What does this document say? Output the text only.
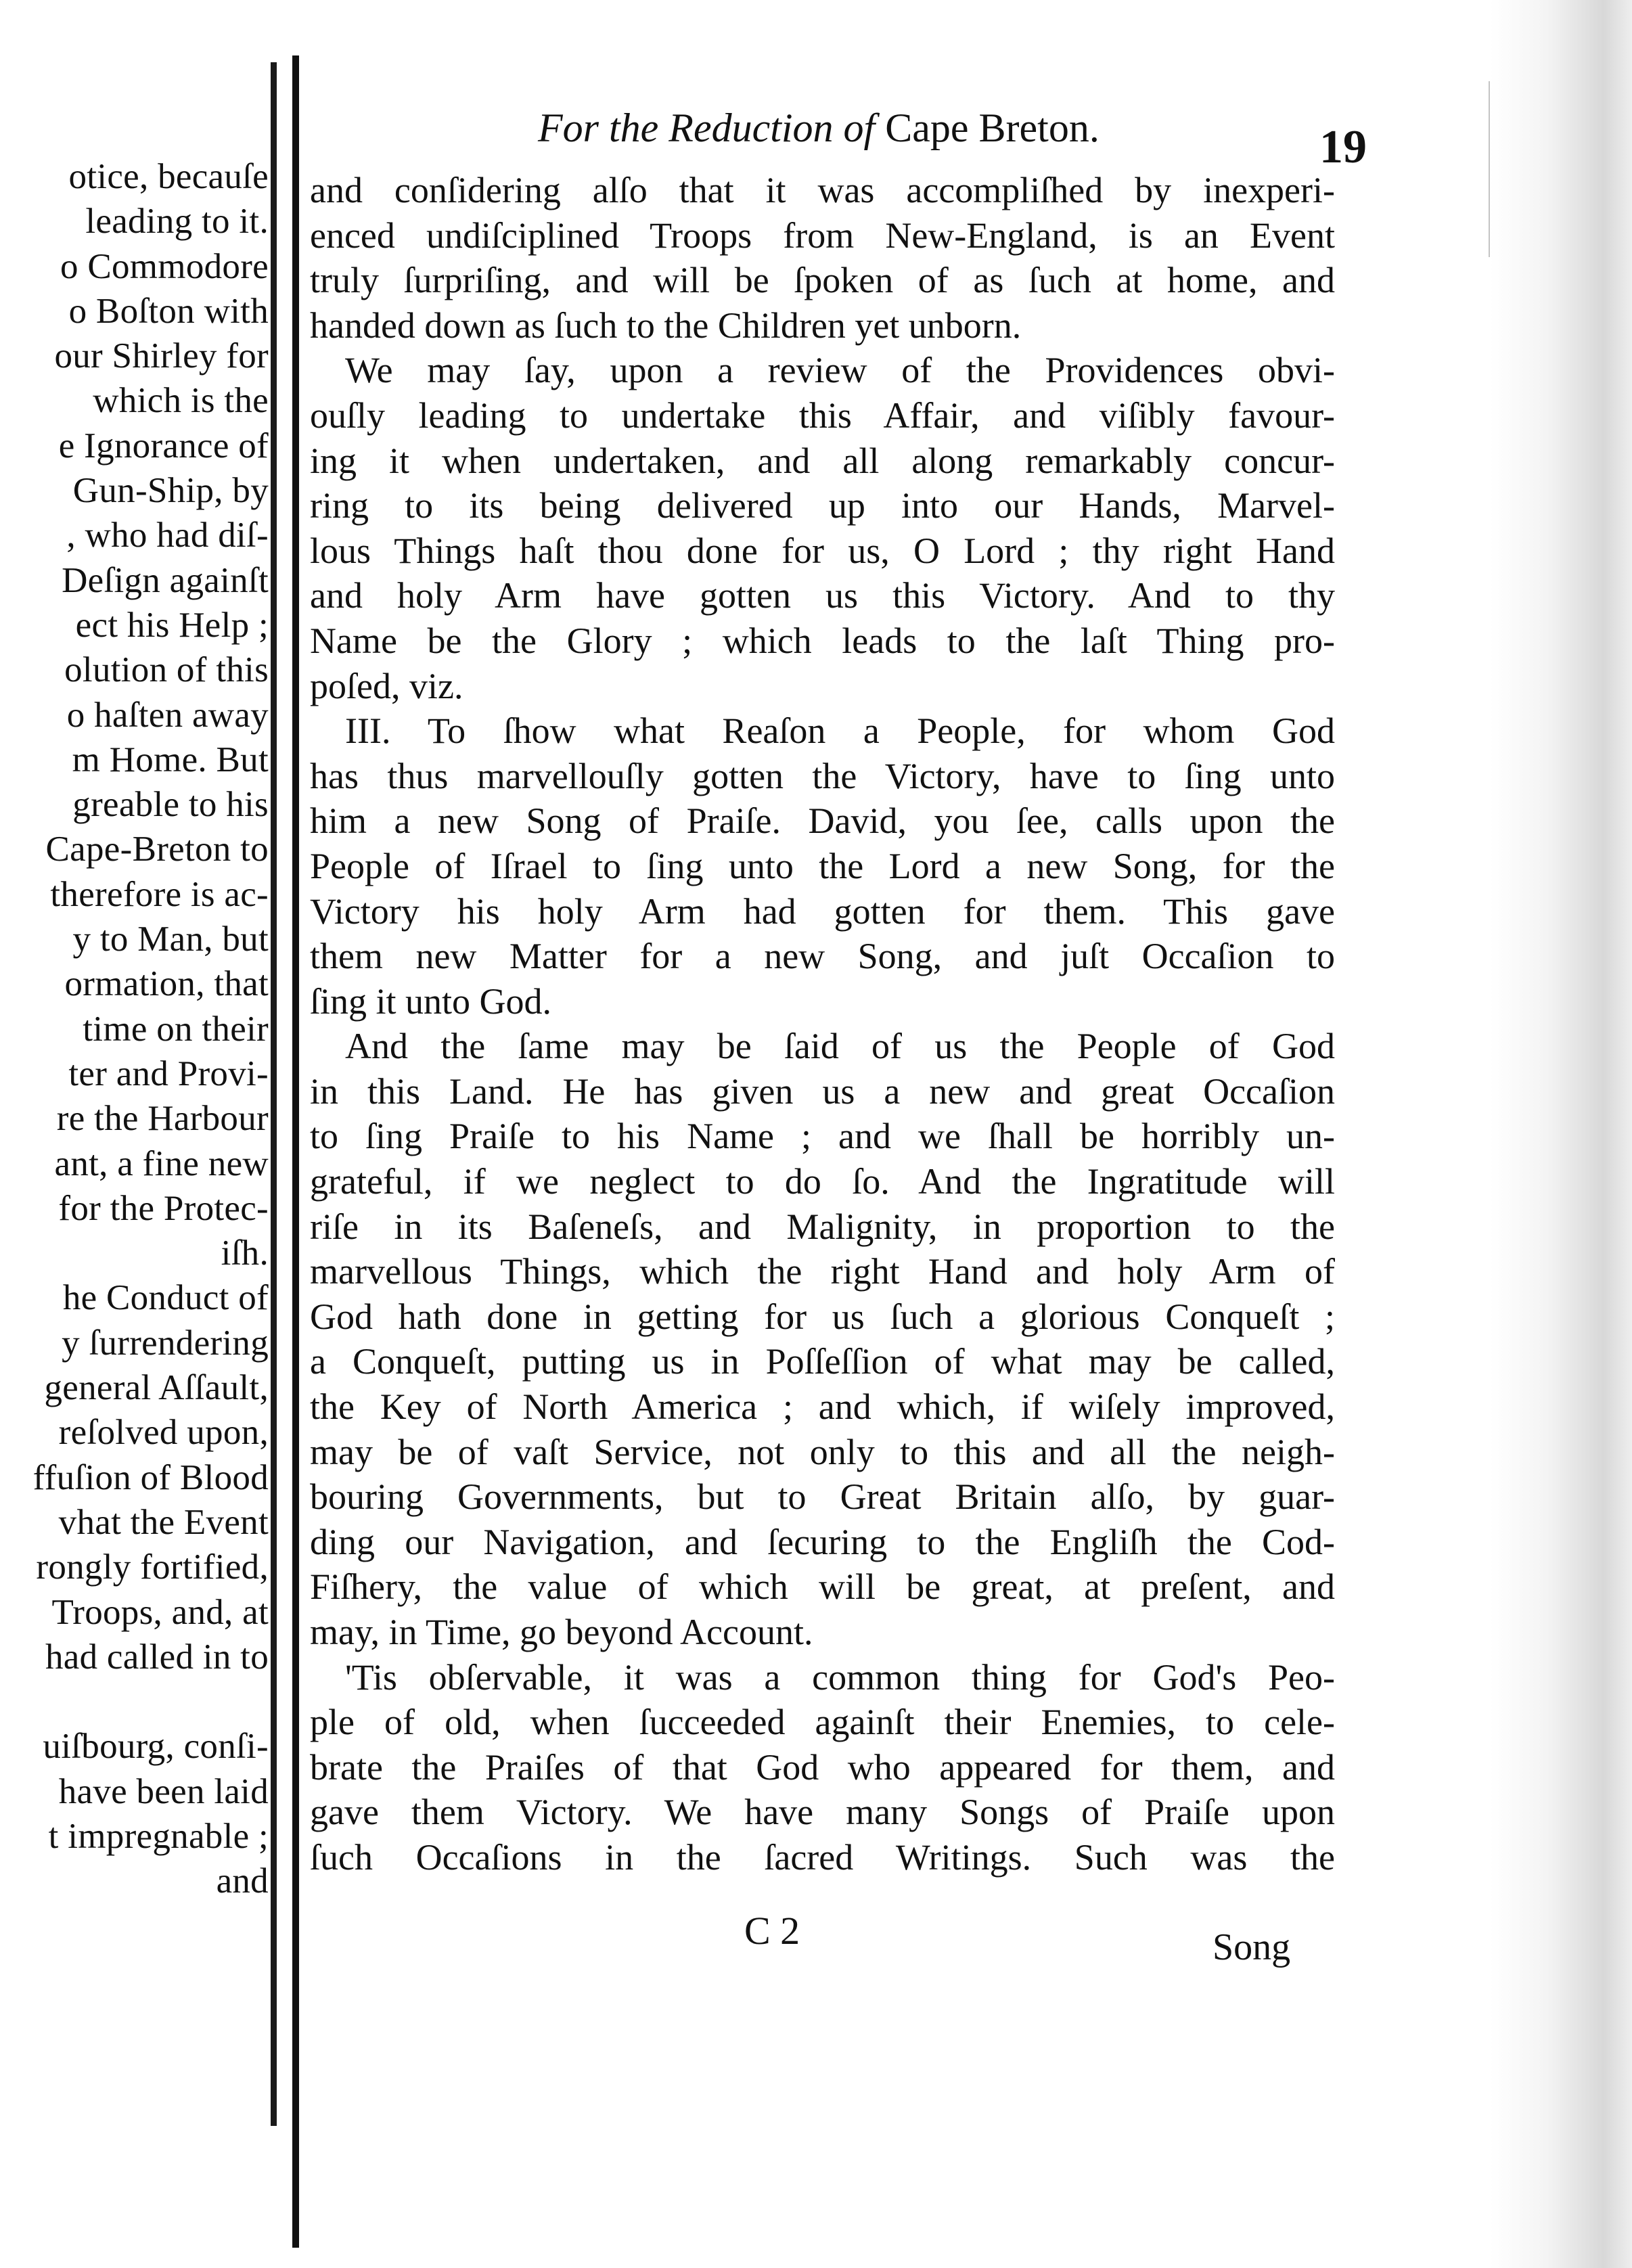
otice, becauſe
leading to it.
o Commodore
o Boſton with
our Shirley for
which is the
e Ignorance of
Gun-Ship, by
, who had diſ-
Deſign againſt
ect his Help ;
olution of this
o haſten away
m Home. But
greable to his
Cape-Breton to
therefore is ac-
y to Man, but
ormation, that
time on their
ter and Provi-
re the Harbour
ant, a fine new
for the Protec-
iſh.
he Conduct of
y ſurrendering
general Aſſault,
reſolved upon,
ffuſion of Blood
vhat the Event
rongly fortified,
Troops, and, at
had called in to

uiſbourg, conſi-
have been laid
t impregnable ;
and
For the Reduction of Cape Breton.	19
and conſidering alſo that it was accompliſhed by inexperi-
enced undiſciplined Troops from New-England, is an Event
truly ſurpriſing, and will be ſpoken of as ſuch at home, and
handed down as ſuch to the Children yet unborn.
We may ſay, upon a review of the Providences obvi-
ouſly leading to undertake this Affair, and viſibly favour-
ing it when undertaken, and all along remarkably concur-
ring to its being delivered up into our Hands, Marvel-
lous Things haſt thou done for us, O Lord ; thy right Hand
and holy Arm have gotten us this Victory. And to thy
Name be the Glory ; which leads to the laſt Thing pro-
poſed, viz.
III. To ſhow what Reaſon a People, for whom God
has thus marvellouſly gotten the Victory, have to ſing unto
him a new Song of Praiſe. David, you ſee, calls upon the
People of Iſrael to ſing unto the Lord a new Song, for the
Victory his holy Arm had gotten for them. This gave
them new Matter for a new Song, and juſt Occaſion to
ſing it unto God.
And the ſame may be ſaid of us the People of God
in this Land. He has given us a new and great Occaſion
to ſing Praiſe to his Name ; and we ſhall be horribly un-
grateful, if we neglect to do ſo. And the Ingratitude will
riſe in its Baſeneſs, and Malignity, in proportion to the
marvellous Things, which the right Hand and holy Arm of
God hath done in getting for us ſuch a glorious Conqueſt ;
a Conqueſt, putting us in Poſſeſſion of what may be called,
the Key of North America ; and which, if wiſely improved,
may be of vaſt Service, not only to this and all the neigh-
bouring Governments, but to Great Britain alſo, by guar-
ding our Navigation, and ſecuring to the Engliſh the Cod-
Fiſhery, the value of which will be great, at preſent, and
may, in Time, go beyond Account.
'Tis obſervable, it was a common thing for God's Peo-
ple of old, when ſucceeded againſt their Enemies, to cele-
brate the Praiſes of that God who appeared for them, and
gave them Victory. We have many Songs of Praiſe upon
ſuch Occaſions in the ſacred Writings. Such was the
C 2	Song
